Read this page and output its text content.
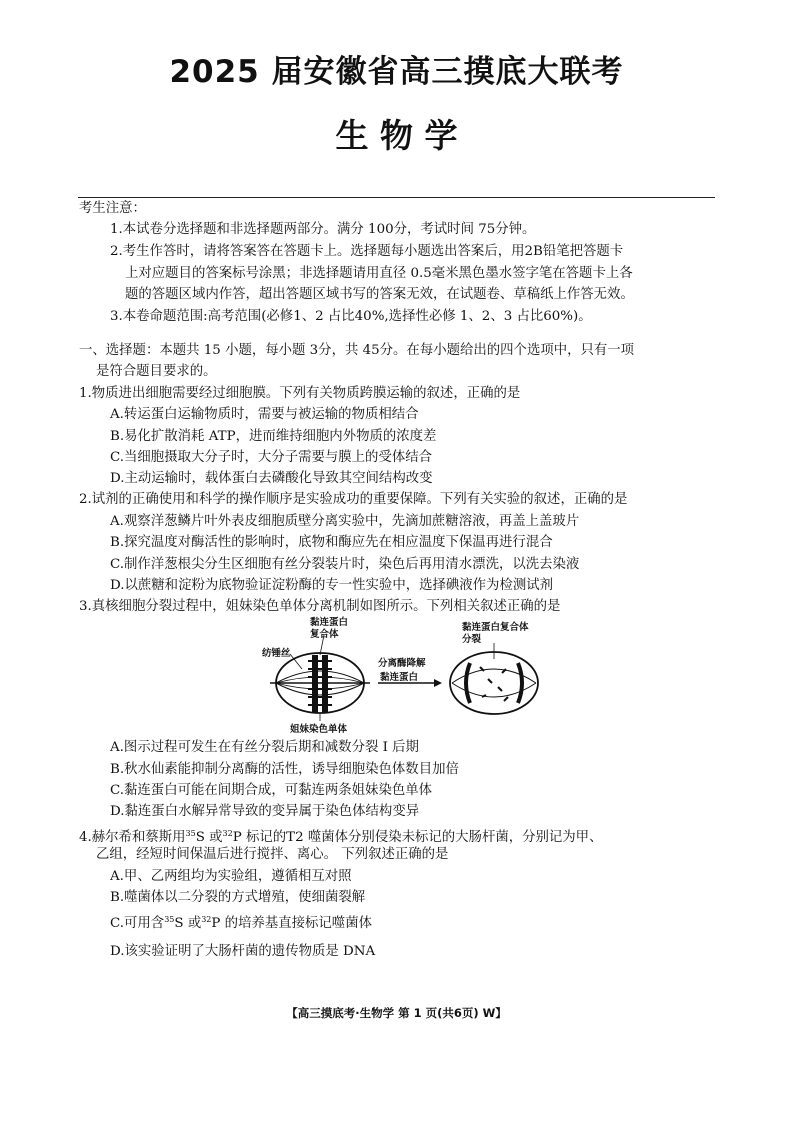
2025 届安徽省高三摸底大联考
生 物 学
考生注意：
1.本试卷分选择题和非选择题两部分。满分 100分，考试时间 75分钟。
2.考生作答时，请将答案答在答题卡上。选择题每小题选出答案后，用2B铅笔把答题卡
上对应题目的答案标号涂黑；非选择题请用直径 0.5毫米黑色墨水签字笔在答题卡上各
题的答题区域内作答，超出答题区域书写的答案无效，在试题卷、草稿纸上作答无效。
3.本卷命题范围:高考范围(必修1、2 占比40%,选择性必修 1、2、3 占比60%)。
一、选择题：本题共 15 小题，每小题 3分，共 45分。在每小题给出的四个选项中，只有一项
是符合题目要求的。
1.物质进出细胞需要经过细胞膜。下列有关物质跨膜运输的叙述，正确的是
A.转运蛋白运输物质时，需要与被运输的物质相结合
B.易化扩散消耗 ATP，进而维持细胞内外物质的浓度差
C.当细胞摄取大分子时，大分子需要与膜上的受体结合
D.主动运输时，载体蛋白去磷酸化导致其空间结构改变
2.试剂的正确使用和科学的操作顺序是实验成功的重要保障。下列有关实验的叙述，正确的是
A.观察洋葱鳞片叶外表皮细胞质壁分离实验中，先滴加蔗糖溶液，再盖上盖玻片
B.探究温度对酶活性的影响时，底物和酶应先在相应温度下保温再进行混合
C.制作洋葱根尖分生区细胞有丝分裂装片时，染色后再用清水漂洗，以洗去染液
D.以蔗糖和淀粉为底物验证淀粉酶的专一性实验中，选择碘液作为检测试剂
3.真核细胞分裂过程中，姐妹染色单体分离机制如图所示。下列相关叙述正确的是
黏连蛋白复合体
纺锤丝
分离酶降解
黏连蛋白
黏连蛋白复合体分裂
姐妹染色单体
A.图示过程可发生在有丝分裂后期和减数分裂 I 后期
B.秋水仙素能抑制分离酶的活性，诱导细胞染色体数目加倍
C.黏连蛋白可能在间期合成，可黏连两条姐妹染色单体
D.黏连蛋白水解异常导致的变异属于染色体结构变异
4.赫尔希和蔡斯用$^{35}$S 或$^{32}$P 标记的T2 噬菌体分别侵染未标记的大肠杆菌，分别记为甲、
乙组，经短时间保温后进行搅拌、离心。 下列叙述正确的是
A.甲、乙两组均为实验组，遵循相互对照
B.噬菌体以二分裂的方式增殖，使细菌裂解
C.可用含$^{35}$S 或$^{32}$P 的培养基直接标记噬菌体
D.该实验证明了大肠杆菌的遗传物质是 DNA
【高三摸底考·生物学 第 1 页(共6页) W】
